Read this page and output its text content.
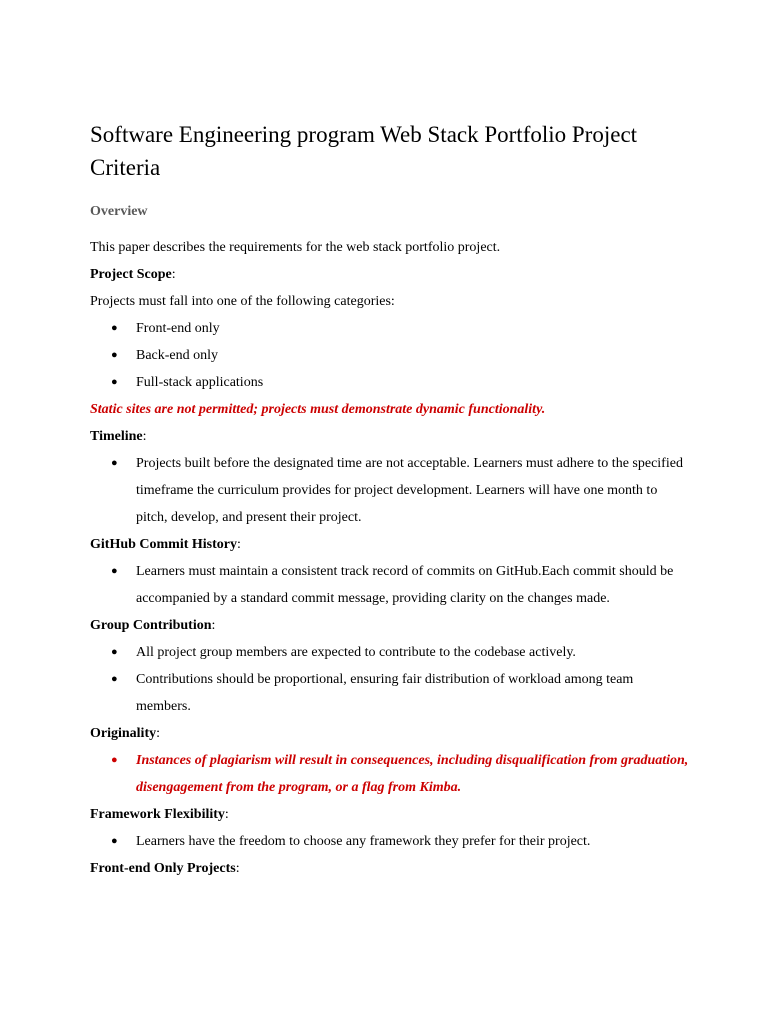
Software Engineering program Web Stack Portfolio Project Criteria

Overview

This paper describes the requirements for the web stack portfolio project.

Project Scope:

Projects must fall into one of the following categories:

● Front-end only
● Back-end only
● Full-stack applications

Static sites are not permitted; projects must demonstrate dynamic functionality.

Timeline:

● Projects built before the designated time are not acceptable. Learners must adhere to the specified timeframe the curriculum provides for project development. Learners will have one month to pitch, develop, and present their project.

GitHub Commit History:

● Learners must maintain a consistent track record of commits on GitHub.Each commit should be accompanied by a standard commit message, providing clarity on the changes made.

Group Contribution:

● All project group members are expected to contribute to the codebase actively.
● Contributions should be proportional, ensuring fair distribution of workload among team members.

Originality:

● Instances of plagiarism will result in consequences, including disqualification from graduation, disengagement from the program, or a flag from Kimba.

Framework Flexibility:

● Learners have the freedom to choose any framework they prefer for their project.

Front-end Only Projects:
